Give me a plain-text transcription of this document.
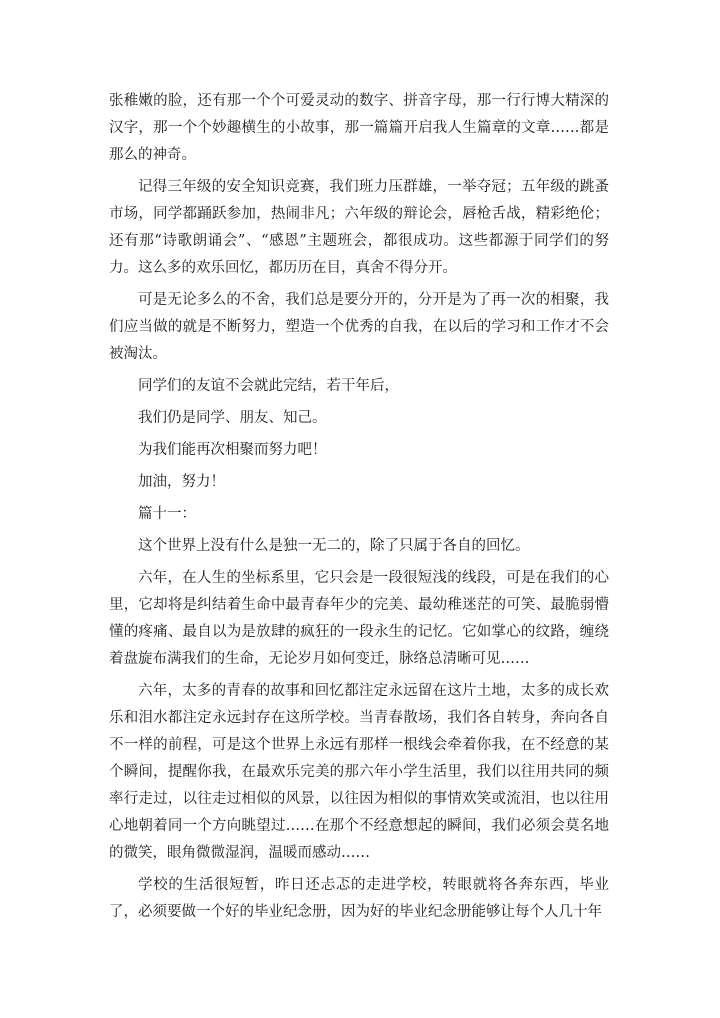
张稚嫩的脸，还有那一个个可爱灵动的数字、拼音字母，那一行行博大精深的汉字，那一个个妙趣横生的小故事，那一篇篇开启我人生篇章的文章……都是那么的神奇。

记得三年级的安全知识竞赛，我们班力压群雄，一举夺冠；五年级的跳蚤市场，同学都踊跃参加，热闹非凡；六年级的辩论会，唇枪舌战，精彩绝伦；还有那“诗歌朗诵会”、“感恩”主题班会，都很成功。这些都源于同学们的努力。这么多的欢乐回忆，都历历在目，真舍不得分开。

可是无论多么的不舍，我们总是要分开的，分开是为了再一次的相聚，我们应当做的就是不断努力，塑造一个优秀的自我，在以后的学习和工作才不会被淘汰。

同学们的友谊不会就此完结，若干年后，

我们仍是同学、朋友、知己。

为我们能再次相聚而努力吧！

加油，努力！

篇十一：

这个世界上没有什么是独一无二的，除了只属于各自的回忆。

六年，在人生的坐标系里，它只会是一段很短浅的线段，可是在我们的心里，它却将是纠结着生命中最青春年少的完美、最幼稚迷茫的可笑、最脆弱懵懂的疼痛、最自以为是放肆的疯狂的一段永生的记忆。它如掌心的纹路，缠绕着盘旋布满我们的生命，无论岁月如何变迁，脉络总清晰可见……

六年，太多的青春的故事和回忆都注定永远留在这片土地，太多的成长欢乐和泪水都注定永远封存在这所学校。当青春散场，我们各自转身，奔向各自不一样的前程，可是这个世界上永远有那样一根线会牵着你我，在不经意的某个瞬间，提醒你我，在最欢乐完美的那六年小学生活里，我们以往用共同的频率行走过，以往走过相似的风景，以往因为相似的事情欢笑或流泪，也以往用心地朝着同一个方向眺望过……在那个不经意想起的瞬间，我们必须会莫名地的微笑，眼角微微湿润，温暖而感动……

学校的生活很短暂，昨日还忐忑的走进学校，转眼就将各奔东西，毕业了，必须要做一个好的毕业纪念册，因为好的毕业纪念册能够让每个人几十年
